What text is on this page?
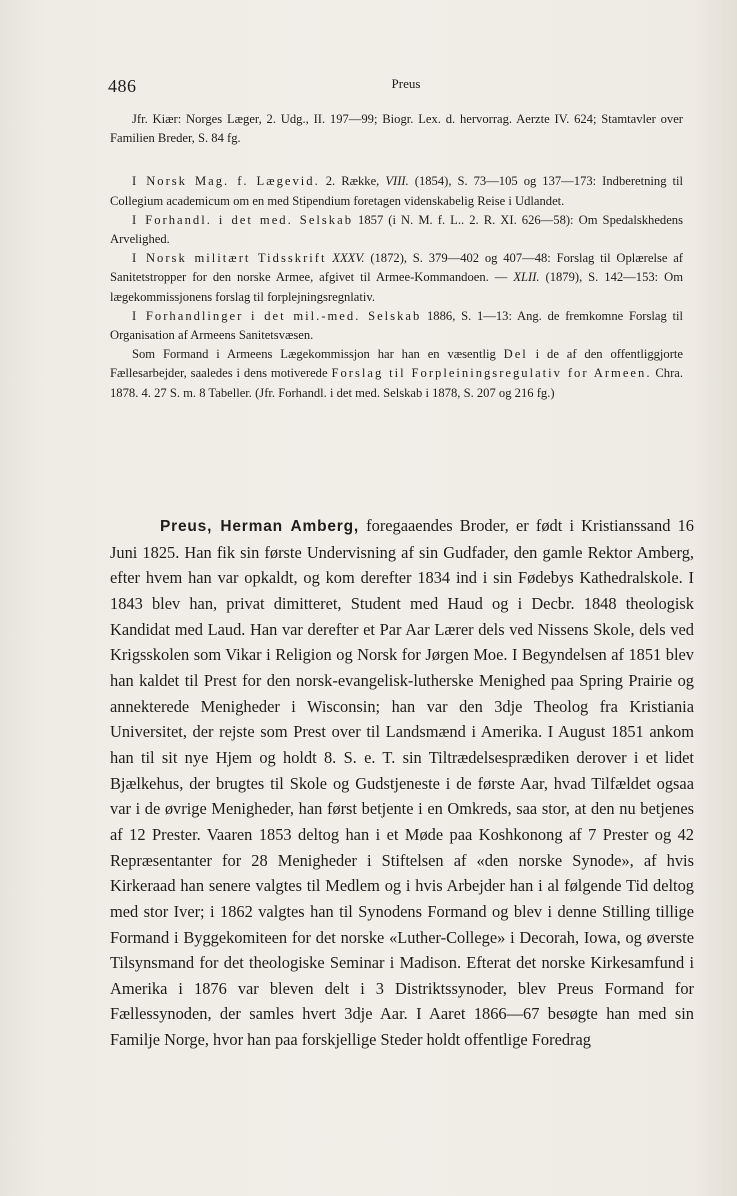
486	Preus

Jfr. Kiær: Norges Læger, 2. Udg., II. 197—99; Biogr. Lex. d. hervorrag. Aerzte IV. 624; Stamtavler over Familien Breder, S. 84 fg.

I Norsk Mag. f. Lægevid. 2. Række, VIII. (1854), S. 73—105 og 137—173: Indberetning til Collegium academicum om en med Stipendium foretagen videnskabelig Reise i Udlandet.

I Forhandl. i det med. Selskab 1857 (i N. M. f. L.. 2. R. XI. 626—58): Om Spedalskhedens Arvelighed.

I Norsk militært Tidsskrift XXXV. (1872), S. 379—402 og 407—48: Forslag til Oplærelse af Sanitetstropper for den norske Armee, afgivet til Armee-Kommandoen. — XLII. (1879), S. 142—153: Om lægekommissjonens forslag til forplejningsregnlativ.

I Forhandlinger i det mil.-med. Selskab 1886, S. 1—13: Ang. de fremkomne Forslag til Organisation af Armeens Sanitetsvæsen.

Som Formand i Armeens Lægekommissjon har han en væsentlig Del i de af den offentliggjorte Fællesarbejder, saaledes i dens motiverede Forslag til Forpleiningsregulativ for Armeen. Chra. 1878. 4. 27 S. m. 8 Tabeller. (Jfr. Forhandl. i det med. Selskab i 1878, S. 207 og 216 fg.)

Preus, Herman Amberg, foregaaendes Broder, er født i Kristianssand 16 Juni 1825. Han fik sin første Undervisning af sin Gudfader, den gamle Rektor Amberg, efter hvem han var opkaldt, og kom derefter 1834 ind i sin Fødebys Kathedralskole. I 1843 blev han, privat dimitteret, Student med Haud og i Decbr. 1848 theologisk Kandidat med Laud. Han var derefter et Par Aar Lærer dels ved Nissens Skole, dels ved Krigsskolen som Vikar i Religion og Norsk for Jørgen Moe. I Begyndelsen af 1851 blev han kaldet til Prest for den norsk-evangelisk-lutherske Menighed paa Spring Prairie og annekterede Menigheder i Wisconsin; han var den 3dje Theolog fra Kristiania Universitet, der rejste som Prest over til Landsmænd i Amerika. I August 1851 ankom han til sit nye Hjem og holdt 8. S. e. T. sin Tiltrædelsesprædiken derover i et lidet Bjælkehus, der brugtes til Skole og Gudstjeneste i de første Aar, hvad Tilfældet ogsaa var i de øvrige Menigheder, han først betjente i en Omkreds, saa stor, at den nu betjenes af 12 Prester. Vaaren 1853 deltog han i et Møde paa Koshkonong af 7 Prester og 42 Repræsentanter for 28 Menigheder i Stiftelsen af «den norske Synode», af hvis Kirkeraad han senere valgtes til Medlem og i hvis Arbejder han i al følgende Tid deltog med stor Iver; i 1862 valgtes han til Synodens Formand og blev i denne Stilling tillige Formand i Byggekomiteen for det norske «Luther-College» i Decorah, Iowa, og øverste Tilsynsmand for det theologiske Seminar i Madison. Efterat det norske Kirkesamfund i Amerika i 1876 var bleven delt i 3 Distriktssynoder, blev Preus Formand for Fællessynoden, der samles hvert 3dje Aar. I Aaret 1866—67 besøgte han med sin Familje Norge, hvor han paa forskjellige Steder holdt offentlige Foredrag
